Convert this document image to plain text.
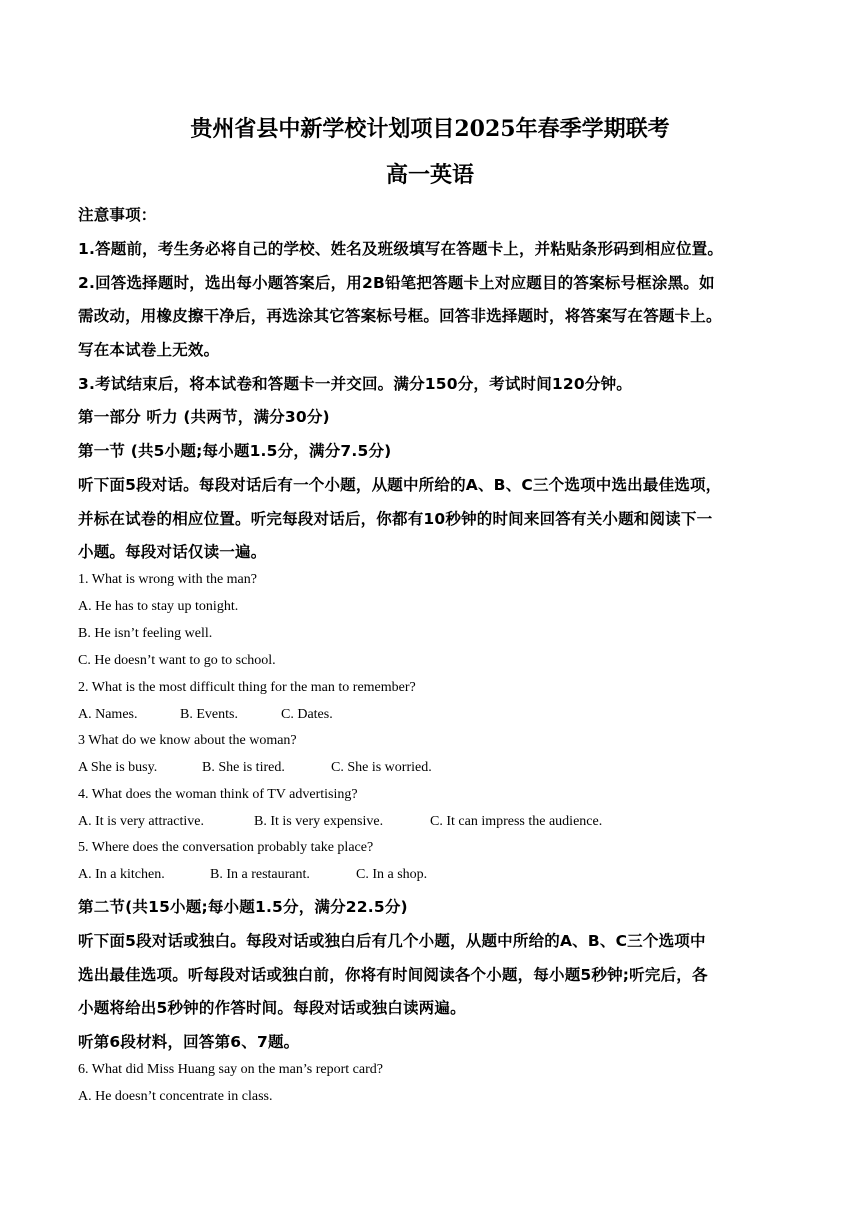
贵州省县中新学校计划项目2025年春季学期联考
高一英语
注意事项：
1.答题前，考生务必将自己的学校、姓名及班级填写在答题卡上，并粘贴条形码到相应位置。
2.回答选择题时，选出每小题答案后，用2B铅笔把答题卡上对应题目的答案标号框涂黑。如
需改动，用橡皮擦干净后，再选涂其它答案标号框。回答非选择题时，将答案写在答题卡上。
写在本试卷上无效。
3.考试结束后，将本试卷和答题卡一并交回。满分150分，考试时间120分钟。
第一部分 听力 (共两节，满分30分)
第一节 (共5小题;每小题1.5分，满分7.5分)
听下面5段对话。每段对话后有一个小题，从题中所给的A、B、C三个选项中选出最佳选项，
并标在试卷的相应位置。听完每段对话后，你都有10秒钟的时间来回答有关小题和阅读下一
小题。每段对话仅读一遍。
1. What is wrong with the man?
A. He has to stay up tonight.
B. He isn’t feeling well.
C. He doesn’t want to go to school.
2. What is the most difficult thing for the man to remember?
A. Names.	B. Events.	C. Dates.
3 What do we know about the woman?
A She is busy.	B. She is tired.	C. She is worried.
4. What does the woman think of TV advertising?
A. It is very attractive.	B. It is very expensive.	C. It can impress the audience.
5. Where does the conversation probably take place?
A. In a kitchen.	B. In a restaurant.	C. In a shop.
第二节(共15小题;每小题1.5分，满分22.5分)
听下面5段对话或独白。每段对话或独白后有几个小题，从题中所给的A、B、C三个选项中
选出最佳选项。听每段对话或独白前，你将有时间阅读各个小题，每小题5秒钟;听完后，各
小题将给出5秒钟的作答时间。每段对话或独白读两遍。
听第6段材料，回答第6、7题。
6. What did Miss Huang say on the man’s report card?
A. He doesn’t concentrate in class.
